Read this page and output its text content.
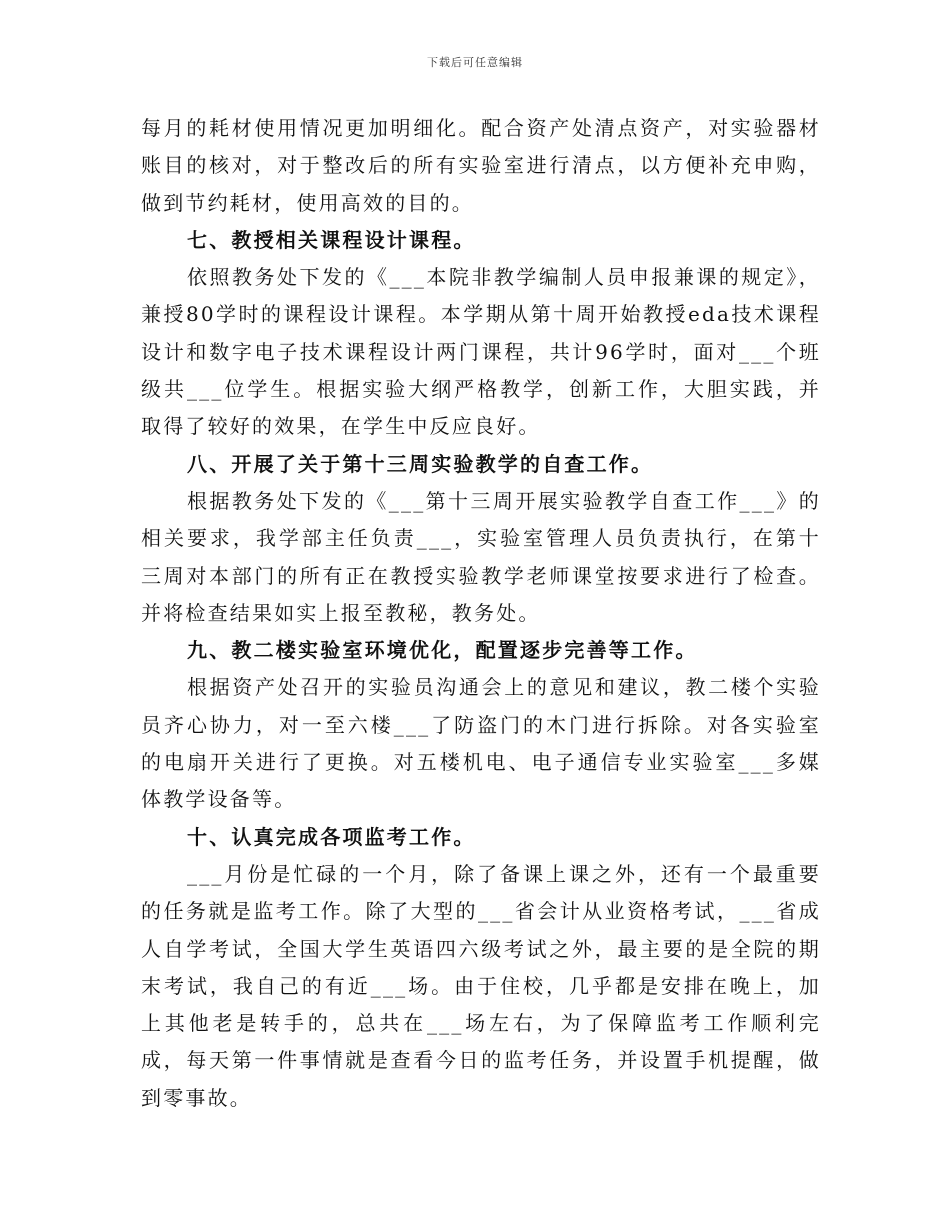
下载后可任意编辑

每月的耗材使用情况更加明细化。配合资产处清点资产，对实验器材账目的核对，对于整改后的所有实验室进行清点，以方便补充申购，做到节约耗材，使用高效的目的。

七、教授相关课程设计课程。

依照教务处下发的《___本院非教学编制人员申报兼课的规定》，兼授80学时的课程设计课程。本学期从第十周开始教授eda技术课程设计和数字电子技术课程设计两门课程，共计96学时，面对___个班级共___位学生。根据实验大纲严格教学，创新工作，大胆实践，并取得了较好的效果，在学生中反应良好。

八、开展了关于第十三周实验教学的自查工作。

根据教务处下发的《___第十三周开展实验教学自查工作___》的相关要求，我学部主任负责___，实验室管理人员负责执行，在第十三周对本部门的所有正在教授实验教学老师课堂按要求进行了检查。并将检查结果如实上报至教秘，教务处。

九、教二楼实验室环境优化，配置逐步完善等工作。

根据资产处召开的实验员沟通会上的意见和建议，教二楼个实验员齐心协力，对一至六楼___了防盗门的木门进行拆除。对各实验室的电扇开关进行了更换。对五楼机电、电子通信专业实验室___多媒体教学设备等。

十、认真完成各项监考工作。

___月份是忙碌的一个月，除了备课上课之外，还有一个最重要的任务就是监考工作。除了大型的___省会计从业资格考试，___省成人自学考试，全国大学生英语四六级考试之外，最主要的是全院的期末考试，我自己的有近___场。由于住校，几乎都是安排在晚上，加上其他老是转手的，总共在___场左右，为了保障监考工作顺利完成，每天第一件事情就是查看今日的监考任务，并设置手机提醒，做到零事故。
